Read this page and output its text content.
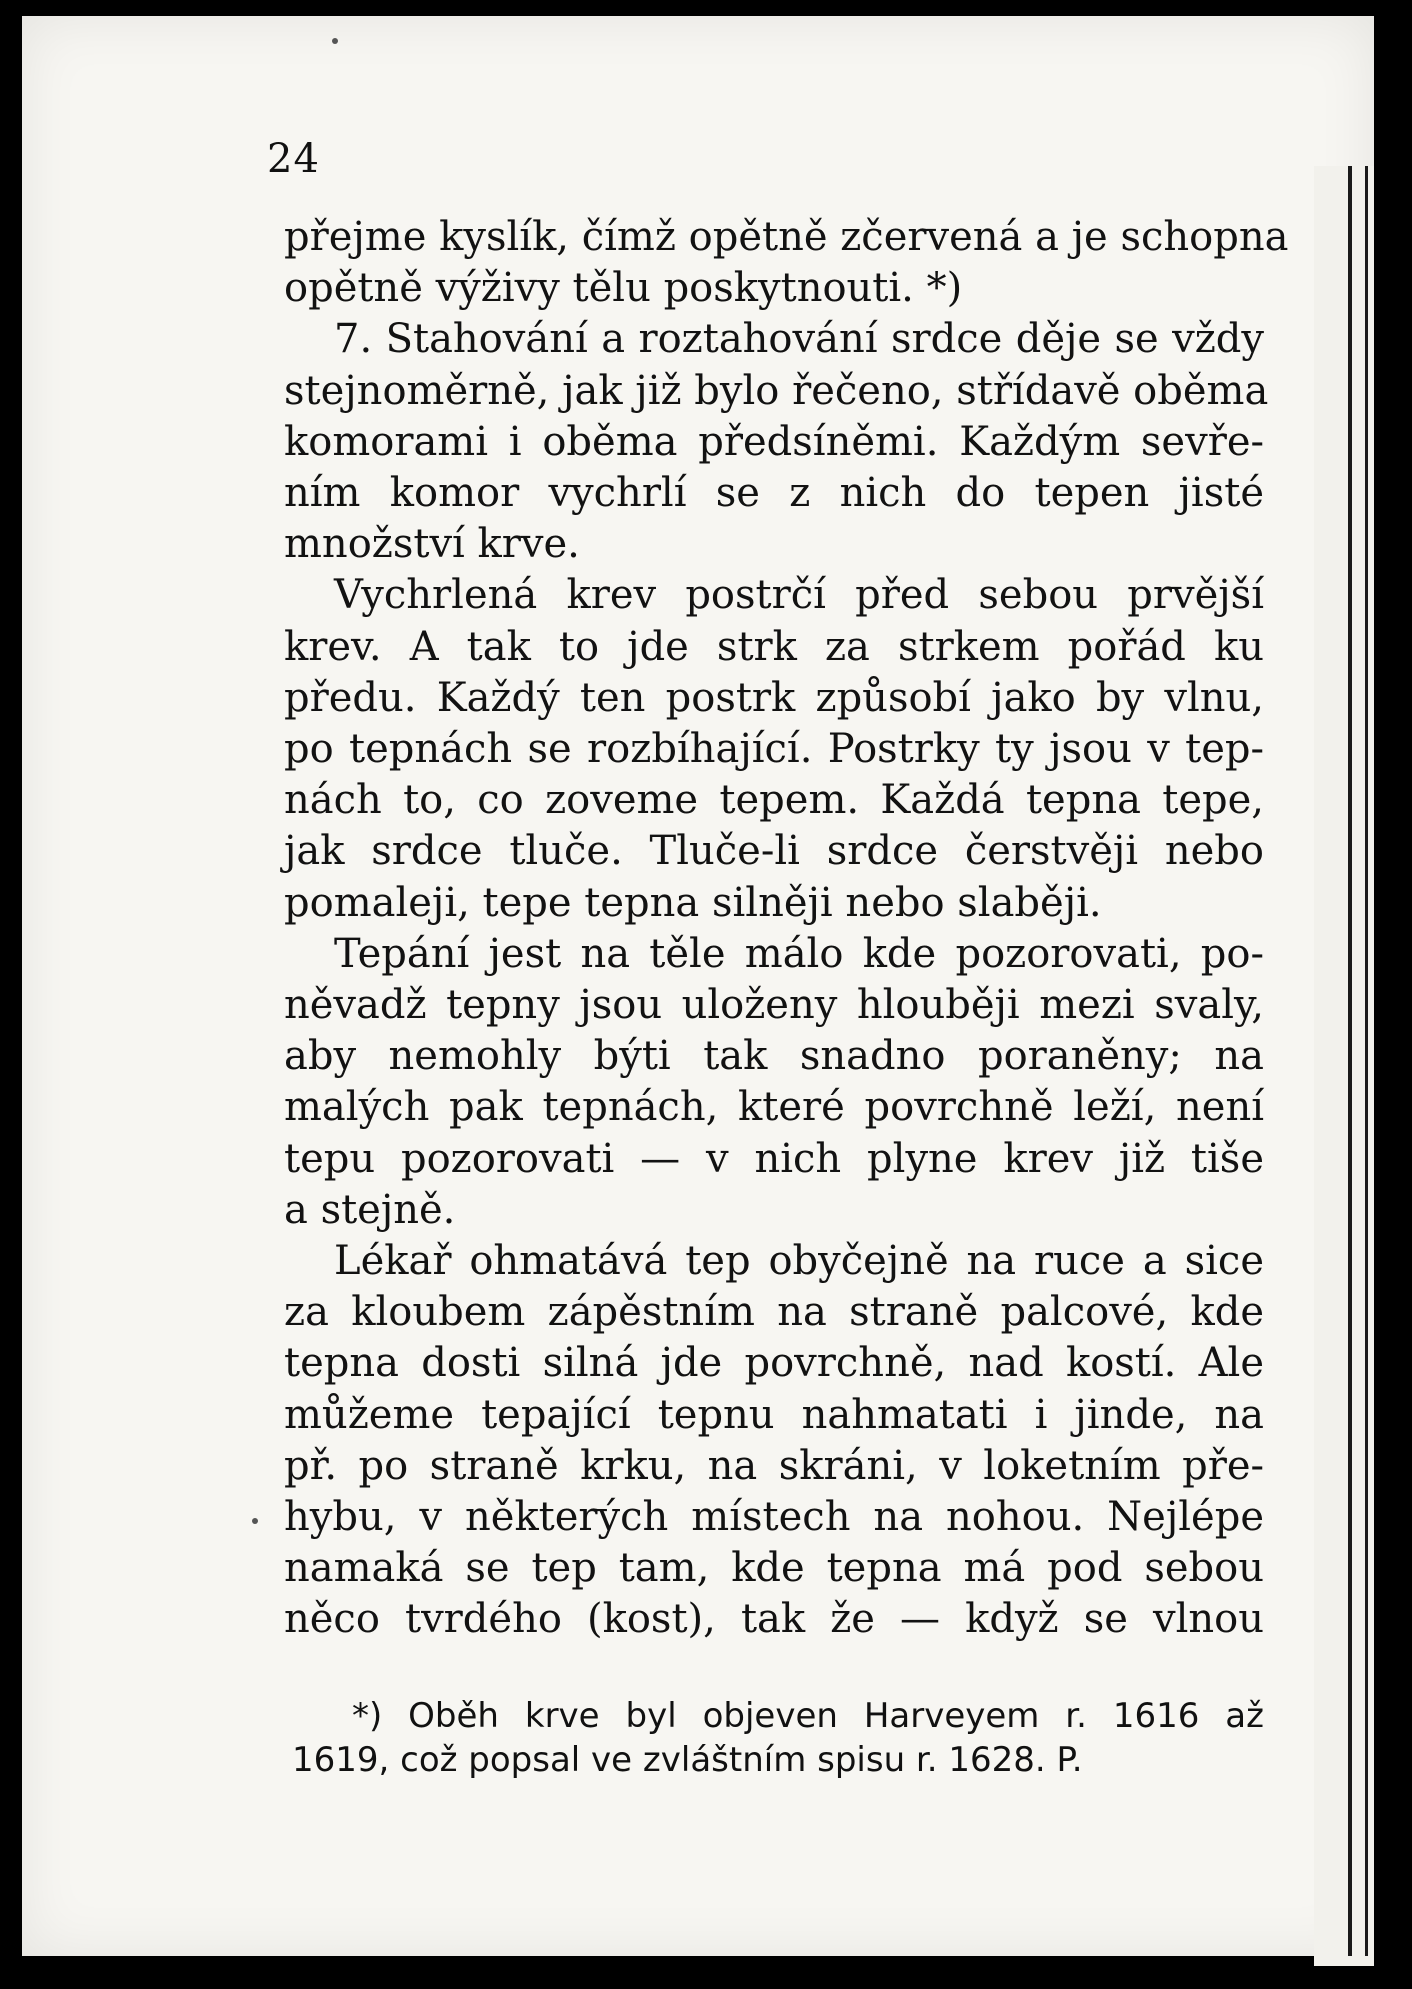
24
přejme kyslík, čímž opětně zčervená a je schopna
opětně výživy tělu poskytnouti. *)
7. Stahování a roztahování srdce děje se vždy
stejnoměrně, jak již bylo řečeno, střídavě oběma
komorami i oběma předsíněmi. Každým sevře-
ním komor vychrlí se z nich do tepen jisté
množství krve.
Vychrlená krev postrčí před sebou prvější
krev. A tak to jde strk za strkem pořád ku
předu. Každý ten postrk způsobí jako by vlnu,
po tepnách se rozbíhající. Postrky ty jsou v tep-
nách to, co zoveme tepem. Každá tepna tepe,
jak srdce tluče. Tluče-li srdce čerstvěji nebo
pomaleji, tepe tepna silněji nebo slaběji.
Tepání jest na těle málo kde pozorovati, po-
něvadž tepny jsou uloženy hlouběji mezi svaly,
aby nemohly býti tak snadno poraněny; na
malých pak tepnách, které povrchně leží, není
tepu pozorovati — v nich plyne krev již tiše
a stejně.
Lékař ohmatává tep obyčejně na ruce a sice
za kloubem zápěstním na straně palcové, kde
tepna dosti silná jde povrchně, nad kostí. Ale
můžeme tepající tepnu nahmatati i jinde, na
př. po straně krku, na skráni, v loketním pře-
hybu, v některých místech na nohou. Nejlépe
namaká se tep tam, kde tepna má pod sebou
něco tvrdého (kost), tak že — když se vlnou
*) Oběh krve byl objeven Harveyem r. 1616 až
1619, což popsal ve zvláštním spisu r. 1628. P.
